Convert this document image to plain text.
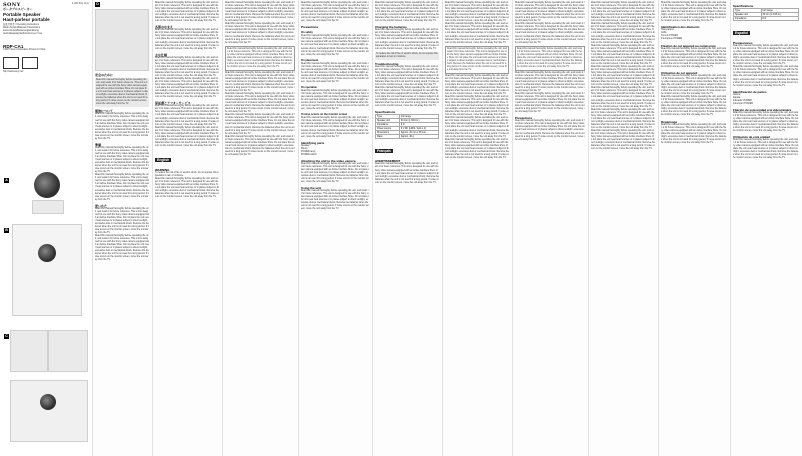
SONY	4-288-594-11(1)
ポータブルスピーカー
Portable Speaker
Haut-parleur portable
取扱説明書 / Operating Instructions
Mode d'emploi/Manuel d'instructions
Instrucciones/Bedienungsanleitung
Gebruiksaanwijzing/Istruzioni per l'uso
RDP-CA1
©2007 Sony Corporation Printed in China
http://www.sony.net/
A
B
C
D
安全のために
Read this manual thoroughly before operating the unit, and retain it for future reference. This unit is designed for use with the Sony video camera equipped with an Active Interface Shoe. Do not place the unit near heat sources or in places subject to direct sunlight, excessive dust or mechanical shock. Remove the batteries when the unit is not used for a long period. If noise occurs on the monitor screen, move the unit away from the TV.
電池について
Read this manual thoroughly before operating the unit, and retain it for future reference. This unit is designed for use with the Sony video camera equipped with an Active Interface Shoe. Do not place the unit near heat sources or in places subject to direct sunlight, excessive dust or mechanical shock. Remove the batteries when the unit is not used for a long period. If noise occurs on the monitor screen, move the unit away from the TV.
準備
Read this manual thoroughly before operating the unit, and retain it for future reference. This unit is designed for use with the Sony video camera equipped with an Active Interface Shoe. Do not place the unit near heat sources or in places subject to direct sunlight, excessive dust or mechanical shock. Remove the batteries when the unit is not used for a long period. If noise occurs on the monitor screen, move the unit away from the TV.
Read this manual thoroughly before operating the unit, and retain it for future reference. This unit is designed for use with the Sony video camera equipped with an Active Interface Shoe. Do not place the unit near heat sources or in places subject to direct sunlight, excessive dust or mechanical shock. Remove the batteries when the unit is not used for a long period. If noise occurs on the monitor screen, move the unit away from the TV.
使いかた
Read this manual thoroughly before operating the unit, and retain it for future reference. This unit is designed for use with the Sony video camera equipped with an Active Interface Shoe. Do not place the unit near heat sources or in places subject to direct sunlight, excessive dust or mechanical shock. Remove the batteries when the unit is not used for a long period. If noise occurs on the monitor screen, move the unit away from the TV.
Read this manual thoroughly before operating the unit, and retain it for future reference. This unit is designed for use with the Sony video camera equipped with an Active Interface Shoe. Do not place the unit near heat sources or in places subject to direct sunlight, excessive dust or mechanical shock. Remove the batteries when the unit is not used for a long period. If noise occurs on the monitor screen, move the unit away from the TV.
Read this manual thoroughly before operating the unit, and retain it for future reference. This unit is designed for use with the Sony video camera equipped with an Active Interface Shoe. Do not place the unit near heat sources or in places subject to direct sunlight, excessive dust or mechanical shock. Remove the batteries when the unit is not used for a long period. If noise occurs on the monitor screen, move the unit away from the TV.
各部のなまえ
Read this manual thoroughly before operating the unit, and retain it for future reference. This unit is designed for use with the Sony video camera equipped with an Active Interface Shoe. Do not place the unit near heat sources or in places subject to direct sunlight, excessive dust or mechanical shock. Remove the batteries when the unit is not used for a long period. If noise occurs on the monitor screen, move the unit away from the TV.
主な仕様
Read this manual thoroughly before operating the unit, and retain it for future reference. This unit is designed for use with the Sony video camera equipped with an Active Interface Shoe. Do not place the unit near heat sources or in places subject to direct sunlight, excessive dust or mechanical shock. Remove the batteries when the unit is not used for a long period. If noise occurs on the monitor screen, move the unit away from the TV.
Read this manual thoroughly before operating the unit, and retain it for future reference. This unit is designed for use with the Sony video camera equipped with an Active Interface Shoe. Do not place the unit near heat sources or in places subject to direct sunlight, excessive dust or mechanical shock. Remove the batteries when the unit is not used for a long period. If noise occurs on the monitor screen, move the unit away from the TV.
保証書とアフターサービス
Read this manual thoroughly before operating the unit, and retain it for future reference. This unit is designed for use with the Sony video camera equipped with an Active Interface Shoe. Do not place the unit near heat sources or in places subject to direct sunlight, excessive dust or mechanical shock. Remove the batteries when the unit is not used for a long period. If noise occurs on the monitor screen, move the unit away from the TV.
Read this manual thoroughly before operating the unit, and retain it for future reference. This unit is designed for use with the Sony video camera equipped with an Active Interface Shoe. Do not place the unit near heat sources or in places subject to direct sunlight, excessive dust or mechanical shock. Remove the batteries when the unit is not used for a long period. If noise occurs on the monitor screen, move the unit away from the TV.
English
WARNING
To reduce the risk of fire or electric shock, do not expose this apparatus to rain or moisture.
Read this manual thoroughly before operating the unit, and retain it for future reference. This unit is designed for use with the Sony video camera equipped with an Active Interface Shoe. Do not place the unit near heat sources or in places subject to direct sunlight, excessive dust or mechanical shock. Remove the batteries when the unit is not used for a long period. If noise occurs on the monitor screen, move the unit away from the TV.
Read this manual thoroughly before operating the unit, and retain it for future reference. This unit is designed for use with the Sony video camera equipped with an Active Interface Shoe. Do not place the unit near heat sources or in places subject to direct sunlight, excessive dust or mechanical shock. Remove the batteries when the unit is not used for a long period. If noise occurs on the monitor screen, move the unit away from the TV.
Read this manual thoroughly before operating the unit, and retain it for future reference. This unit is designed for use with the Sony video camera equipped with an Active Interface Shoe. Do not place the unit near heat sources or in places subject to direct sunlight, excessive dust or mechanical shock. Remove the batteries when the unit is not used for a long period. If noise occurs on the monitor screen, move the unit away from the TV.
Read this manual thoroughly before operating the unit, and retain it for future reference. This unit is designed for use with the Sony video camera equipped with an Active Interface Shoe. Do not place the unit near heat sources or in places subject to direct sunlight, excessive dust or mechanical shock. Remove the batteries when the unit is not used for a long period. If noise occurs on the monitor screen, move the unit away from the TV.
Read this manual thoroughly before operating the unit, and retain it for future reference. This unit is designed for use with the Sony video camera equipped with an Active Interface Shoe. Do not place the unit near heat sources or in places subject to direct sunlight, excessive dust or mechanical shock. Remove the batteries when the unit is not used for a long period. If noise occurs on the monitor screen, move the unit away from the TV.
Read this manual thoroughly before operating the unit, and retain it for future reference. This unit is designed for use with the Sony video camera equipped with an Active Interface Shoe. Do not place the unit near heat sources or in places subject to direct sunlight, excessive dust or mechanical shock. Remove the batteries when the unit is not used for a long period. If noise occurs on the monitor screen, move the unit away from the TV.
Read this manual thoroughly before operating the unit, and retain it for future reference. This unit is designed for use with the Sony video camera equipped with an Active Interface Shoe. Do not place the unit near heat sources or in places subject to direct sunlight, excessive dust or mechanical shock. Remove the batteries when the unit is not used for a long period. If noise occurs on the monitor screen, move the unit away from the TV.
Read this manual thoroughly before operating the unit, and retain it for future reference. This unit is designed for use with the Sony video camera equipped with an Active Interface Shoe. Do not place the unit near heat sources or in places subject to direct sunlight, excessive dust or mechanical shock. Remove the batteries when the unit is not used for a long period. If noise occurs on the monitor screen, move the unit away from the TV.
Read this manual thoroughly before operating the unit, and retain it for future reference. This unit is designed for use with the Sony video camera equipped with an Active Interface Shoe. Do not place the unit near heat sources or in places subject to direct sunlight, excessive dust or mechanical shock. Remove the batteries when the unit is not used for a long period. If noise occurs on the monitor screen, move the unit away from the TV.
Precautions
On safety
Read this manual thoroughly before operating the unit, and retain it for future reference. This unit is designed for use with the Sony video camera equipped with an Active Interface Shoe. Do not place the unit near heat sources or in places subject to direct sunlight, excessive dust or mechanical shock. Remove the batteries when the unit is not used for a long period. If noise occurs on the monitor screen, move the unit away from the TV.
On placement
Read this manual thoroughly before operating the unit, and retain it for future reference. This unit is designed for use with the Sony video camera equipped with an Active Interface Shoe. Do not place the unit near heat sources or in places subject to direct sunlight, excessive dust or mechanical shock. Remove the batteries when the unit is not used for a long period. If noise occurs on the monitor screen, move the unit away from the TV.
On operation
Read this manual thoroughly before operating the unit, and retain it for future reference. This unit is designed for use with the Sony video camera equipped with an Active Interface Shoe. Do not place the unit near heat sources or in places subject to direct sunlight, excessive dust or mechanical shock. Remove the batteries when the unit is not used for a long period. If noise occurs on the monitor screen, move the unit away from the TV.
If noise occurs on the monitor screen
Read this manual thoroughly before operating the unit, and retain it for future reference. This unit is designed for use with the Sony video camera equipped with an Active Interface Shoe. Do not place the unit near heat sources or in places subject to direct sunlight, excessive dust or mechanical shock. Remove the batteries when the unit is not used for a long period. If noise occurs on the monitor screen, move the unit away from the TV.
Identifying parts
Speaker
Mount
POWER lamp
POWER switch
Attaching the unit to the video camera
Read this manual thoroughly before operating the unit, and retain it for future reference. This unit is designed for use with the Sony video camera equipped with an Active Interface Shoe. Do not place the unit near heat sources or in places subject to direct sunlight, excessive dust or mechanical shock. Remove the batteries when the unit is not used for a long period. If noise occurs on the monitor screen, move the unit away from the TV.
Using the unit
Read this manual thoroughly before operating the unit, and retain it for future reference. This unit is designed for use with the Sony video camera equipped with an Active Interface Shoe. Do not place the unit near heat sources or in places subject to direct sunlight, excessive dust or mechanical shock. Remove the batteries when the unit is not used for a long period. If noise occurs on the monitor screen, move the unit away from the TV.
Read this manual thoroughly before operating the unit, and retain it for future reference. This unit is designed for use with the Sony video camera equipped with an Active Interface Shoe. Do not place the unit near heat sources or in places subject to direct sunlight, excessive dust or mechanical shock. Remove the batteries when the unit is not used for a long period. If noise occurs on the monitor screen, move the unit away from the TV.
Charging the batteries
Read this manual thoroughly before operating the unit, and retain it for future reference. This unit is designed for use with the Sony video camera equipped with an Active Interface Shoe. Do not place the unit near heat sources or in places subject to direct sunlight, excessive dust or mechanical shock. Remove the batteries when the unit is not used for a long period. If noise occurs on the monitor screen, move the unit away from the TV.
To reduce the risk of fire or electric shock, do not expose this apparatus to rain or moisture.
Troubleshooting
Read this manual thoroughly before operating the unit, and retain it for future reference. This unit is designed for use with the Sony video camera equipped with an Active Interface Shoe. Do not place the unit near heat sources or in places subject to direct sunlight, excessive dust or mechanical shock. Remove the batteries when the unit is not used for a long period. If noise occurs on the monitor screen, move the unit away from the TV.
Read this manual thoroughly before operating the unit, and retain it for future reference. This unit is designed for use with the Sony video camera equipped with an Active Interface Shoe. Do not place the unit near heat sources or in places subject to direct sunlight, excessive dust or mechanical shock. Remove the batteries when the unit is not used for a long period. If noise occurs on the monitor screen, move the unit away from the TV.
Specifications
Type	Full range
Speaker unit	30 mm (1 3/16 in.)
Impedance	8 Ω
Power source	3 V DC (LR03 / AAA x 2)
Dimensions	Approx. 40 mm x 38 mm
Mass	Approx. 40 g
Français
AVERTISSEMENT
Read this manual thoroughly before operating the unit, and retain it for future reference. This unit is designed for use with the Sony video camera equipped with an Active Interface Shoe. Do not place the unit near heat sources or in places subject to direct sunlight, excessive dust or mechanical shock. Remove the batteries when the unit is not used for a long period. If noise occurs on the monitor screen, move the unit away from the TV.
Read this manual thoroughly before operating the unit, and retain it for future reference. This unit is designed for use with the Sony video camera equipped with an Active Interface Shoe. Do not place the unit near heat sources or in places subject to direct sunlight, excessive dust or mechanical shock. Remove the batteries when the unit is not used for a long period. If noise occurs on the monitor screen, move the unit away from the TV.
Read this manual thoroughly before operating the unit, and retain it for future reference. This unit is designed for use with the Sony video camera equipped with an Active Interface Shoe. Do not place the unit near heat sources or in places subject to direct sunlight, excessive dust or mechanical shock. Remove the batteries when the unit is not used for a long period. If noise occurs on the monitor screen, move the unit away from the TV.
Read this manual thoroughly before operating the unit, and retain it for future reference. This unit is designed for use with the Sony video camera equipped with an Active Interface Shoe. Do not place the unit near heat sources or in places subject to direct sunlight, excessive dust or mechanical shock. Remove the batteries when the unit is not used for a long period. If noise occurs on the monitor screen, move the unit away from the TV.
Read this manual thoroughly before operating the unit, and retain it for future reference. This unit is designed for use with the Sony video camera equipped with an Active Interface Shoe. Do not place the unit near heat sources or in places subject to direct sunlight, excessive dust or mechanical shock. Remove the batteries when the unit is not used for a long period. If noise occurs on the monitor screen, move the unit away from the TV.
Read this manual thoroughly before operating the unit, and retain it for future reference. This unit is designed for use with the Sony video camera equipped with an Active Interface Shoe. Do not place the unit near heat sources or in places subject to direct sunlight, excessive dust or mechanical shock. Remove the batteries when the unit is not used for a long period. If noise occurs on the monitor screen, move the unit away from the TV.
Read this manual thoroughly before operating the unit, and retain it for future reference. This unit is designed for use with the Sony video camera equipped with an Active Interface Shoe. Do not place the unit near heat sources or in places subject to direct sunlight, excessive dust or mechanical shock. Remove the batteries when the unit is not used for a long period. If noise occurs on the monitor screen, move the unit away from the TV.
Read this manual thoroughly before operating the unit, and retain it for future reference. This unit is designed for use with the Sony video camera equipped with an Active Interface Shoe. Do not place the unit near heat sources or in places subject to direct sunlight, excessive dust or mechanical shock. Remove the batteries when the unit is not used for a long period. If noise occurs on the monitor screen, move the unit away from the TV.
Read this manual thoroughly before operating the unit, and retain it for future reference. This unit is designed for use with the Sony video camera equipped with an Active Interface Shoe. Do not place the unit near heat sources or in places subject to direct sunlight, excessive dust or mechanical shock. Remove the batteries when the unit is not used for a long period. If noise occurs on the monitor screen, move the unit away from the TV.
Read this manual thoroughly before operating the unit, and retain it for future reference. This unit is designed for use with the Sony video camera equipped with an Active Interface Shoe. Do not place the unit near heat sources or in places subject to direct sunlight, excessive dust or mechanical shock. Remove the batteries when the unit is not used for a long period. If noise occurs on the monitor screen, move the unit away from the TV.
Read this manual thoroughly before operating the unit, and retain it for future reference. This unit is designed for use with the Sony video camera equipped with an Active Interface Shoe. Do not place the unit near heat sources or in places subject to direct sunlight, excessive dust or mechanical shock. Remove the batteries when the unit is not used for a long period. If noise occurs on the monitor screen, move the unit away from the TV.
Read this manual thoroughly before operating the unit, and retain it for future reference. This unit is designed for use with the Sony video camera equipped with an Active Interface Shoe. Do not place the unit near heat sources or in places subject to direct sunlight, excessive dust or mechanical shock. Remove the batteries when the unit is not used for a long period. If noise occurs on the monitor screen, move the unit away from the TV.
Read this manual thoroughly before operating the unit, and retain it for future reference. This unit is designed for use with the Sony video camera equipped with an Active Interface Shoe. Do not place the unit near heat sources or in places subject to direct sunlight, excessive dust or mechanical shock. Remove the batteries when the unit is not used for a long period. If noise occurs on the monitor screen, move the unit away from the TV.
Précautions
Read this manual thoroughly before operating the unit, and retain it for future reference. This unit is designed for use with the Sony video camera equipped with an Active Interface Shoe. Do not place the unit near heat sources or in places subject to direct sunlight, excessive dust or mechanical shock. Remove the batteries when the unit is not used for a long period. If noise occurs on the monitor screen, move the unit away from the TV.
Read this manual thoroughly before operating the unit, and retain it for future reference. This unit is designed for use with the Sony video camera equipped with an Active Interface Shoe. Do not place the unit near heat sources or in places subject to direct sunlight, excessive dust or mechanical shock. Remove the batteries when the unit is not used for a long period. If noise occurs on the monitor screen, move the unit away from the TV.
Read this manual thoroughly before operating the unit, and retain it for future reference. This unit is designed for use with the Sony video camera equipped with an Active Interface Shoe. Do not place the unit near heat sources or in places subject to direct sunlight, excessive dust or mechanical shock. Remove the batteries when the unit is not used for a long period. If noise occurs on the monitor screen, move the unit away from the TV.
Read this manual thoroughly before operating the unit, and retain it for future reference. This unit is designed for use with the Sony video camera equipped with an Active Interface Shoe. Do not place the unit near heat sources or in places subject to direct sunlight, excessive dust or mechanical shock. Remove the batteries when the unit is not used for a long period. If noise occurs on the monitor screen, move the unit away from the TV.
Read this manual thoroughly before operating the unit, and retain it for future reference. This unit is designed for use with the Sony video camera equipped with an Active Interface Shoe. Do not place the unit near heat sources or in places subject to direct sunlight, excessive dust or mechanical shock. Remove the batteries when the unit is not used for a long period. If noise occurs on the monitor screen, move the unit away from the TV.
Read this manual thoroughly before operating the unit, and retain it for future reference. This unit is designed for use with the Sony video camera equipped with an Active Interface Shoe. Do not place the unit near heat sources or in places subject to direct sunlight, excessive dust or mechanical shock. Remove the batteries when the unit is not used for a long period. If noise occurs on the monitor screen, move the unit away from the TV.
Read this manual thoroughly before operating the unit, and retain it for future reference. This unit is designed for use with the Sony video camera equipped with an Active Interface Shoe. Do not place the unit near heat sources or in places subject to direct sunlight, excessive dust or mechanical shock. Remove the batteries when the unit is not used for a long period. If noise occurs on the monitor screen, move the unit away from the TV.
Read this manual thoroughly before operating the unit, and retain it for future reference. This unit is designed for use with the Sony video camera equipped with an Active Interface Shoe. Do not place the unit near heat sources or in places subject to direct sunlight, excessive dust or mechanical shock. Remove the batteries when the unit is not used for a long period. If noise occurs on the monitor screen, move the unit away from the TV.
Read this manual thoroughly before operating the unit, and retain it for future reference. This unit is designed for use with the Sony video camera equipped with an Active Interface Shoe. Do not place the unit near heat sources or in places subject to direct sunlight, excessive dust or mechanical shock. Remove the batteries when the unit is not used for a long period. If noise occurs on the monitor screen, move the unit away from the TV.
Identification des éléments
Haut-parleur
Griffe
Témoin POWER
Interrupteur POWER
Fixation de cet appareil au caméscope
Read this manual thoroughly before operating the unit, and retain it for future reference. This unit is designed for use with the Sony video camera equipped with an Active Interface Shoe. Do not place the unit near heat sources or in places subject to direct sunlight, excessive dust or mechanical shock. Remove the batteries when the unit is not used for a long period. If noise occurs on the monitor screen, move the unit away from the TV.
Utilisation de cet appareil
Read this manual thoroughly before operating the unit, and retain it for future reference. This unit is designed for use with the Sony video camera equipped with an Active Interface Shoe. Do not place the unit near heat sources or in places subject to direct sunlight, excessive dust or mechanical shock. Remove the batteries when the unit is not used for a long period. If noise occurs on the monitor screen, move the unit away from the TV.
Read this manual thoroughly before operating the unit, and retain it for future reference. This unit is designed for use with the Sony video camera equipped with an Active Interface Shoe. Do not place the unit near heat sources or in places subject to direct sunlight, excessive dust or mechanical shock. Remove the batteries when the unit is not used for a long period. If noise occurs on the monitor screen, move the unit away from the TV.
Dépannage
Read this manual thoroughly before operating the unit, and retain it for future reference. This unit is designed for use with the Sony video camera equipped with an Active Interface Shoe. Do not place the unit near heat sources or in places subject to direct sunlight, excessive dust or mechanical shock. Remove the batteries when the unit is not used for a long period. If noise occurs on the monitor screen, move the unit away from the TV.
Spécifications
Type	Full range
Speaker unit	30 mm (1 3/16 in.)
Impedance	8 Ω
Español
Precauciones
Read this manual thoroughly before operating the unit, and retain it for future reference. This unit is designed for use with the Sony video camera equipped with an Active Interface Shoe. Do not place the unit near heat sources or in places subject to direct sunlight, excessive dust or mechanical shock. Remove the batteries when the unit is not used for a long period. If noise occurs on the monitor screen, move the unit away from the TV.
Read this manual thoroughly before operating the unit, and retain it for future reference. This unit is designed for use with the Sony video camera equipped with an Active Interface Shoe. Do not place the unit near heat sources or in places subject to direct sunlight, excessive dust or mechanical shock. Remove the batteries when the unit is not used for a long period. If noise occurs on the monitor screen, move the unit away from the TV.
Identificación de partes
Altavoz
Zapata
Indicador POWER
Interruptor POWER
Fijación de esta unidad a la videocámara
Read this manual thoroughly before operating the unit, and retain it for future reference. This unit is designed for use with the Sony video camera equipped with an Active Interface Shoe. Do not place the unit near heat sources or in places subject to direct sunlight, excessive dust or mechanical shock. Remove the batteries when the unit is not used for a long period. If noise occurs on the monitor screen, move the unit away from the TV.
Utilización de esta unidad
Read this manual thoroughly before operating the unit, and retain it for future reference. This unit is designed for use with the Sony video camera equipped with an Active Interface Shoe. Do not place the unit near heat sources or in places subject to direct sunlight, excessive dust or mechanical shock. Remove the batteries when the unit is not used for a long period. If noise occurs on the monitor screen, move the unit away from the TV.
